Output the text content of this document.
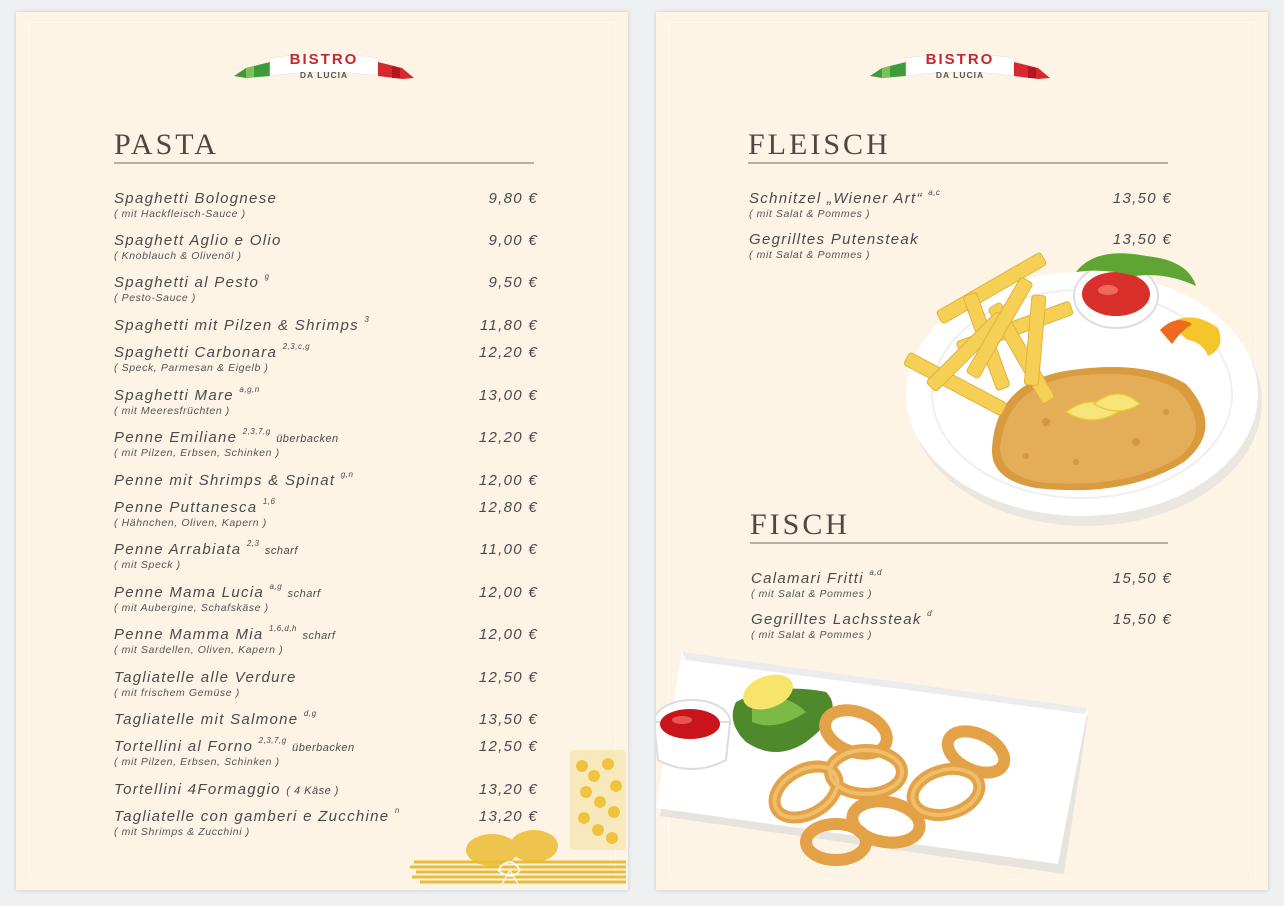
BISTRO
DA LUCIA
PASTA
Spaghetti Bolognese
( mit Hackfleisch-Sauce )
9,80 €
Spaghett Aglio e Olio
( Knoblauch & Olivenöl )
9,00 €
Spaghetti al Pesto $^g$
( Pesto-Sauce )
9,50 €
Spaghetti mit Pilzen & Shrimps $^3$	11,80 €
Spaghetti Carbonara $^{2,3,c,g}$
( Speck, Parmesan & Eigelb )
12,20 €
Spaghetti Mare $^{a,g,n}$
( mit Meeresfrüchten )
13,00 €
Penne Emiliane $^{2,3,7,g}$ überbacken
( mit Pilzen, Erbsen, Schinken )
12,20 €
Penne mit Shrimps & Spinat $^{g,n}$	12,00 €
Penne Puttanesca $^{1,6}$
( Hähnchen, Oliven, Kapern )
12,80 €
Penne Arrabiata $^{2,3}$ scharf
( mit Speck )
11,00 €
Penne Mama Lucia $^{a,g}$ scharf
( mit Aubergine, Schafskäse )
12,00 €
Penne Mamma Mia $^{1,6,d,h}$ scharf
( mit Sardellen, Oliven, Kapern )
12,00 €
Tagliatelle alle Verdure
( mit frischem Gemüse )
12,50 €
Tagliatelle mit Salmone $^{d,g}$	13,50 €
Tortellini al Forno $^{2,3,7,g}$ überbacken
( mit Pilzen, Erbsen, Schinken )
12,50 €
Tortellini 4Formaggio ( 4 Käse )	13,20 €
Tagliatelle con gamberi e Zucchine $^n$
( mit Shrimps & Zucchini )
13,20 €
BISTRO
DA LUCIA
FLEISCH
Schnitzel „Wiener Art“ $^{a,c}$
( mit Salat & Pommes )
13,50 €
Gegrilltes Putensteak
( mit Salat & Pommes )
13,50 €
FISCH
Calamari Fritti $^{a,d}$
( mit Salat & Pommes )
15,50 €
Gegrilltes Lachssteak $^d$
( mit Salat & Pommes )
15,50 €
